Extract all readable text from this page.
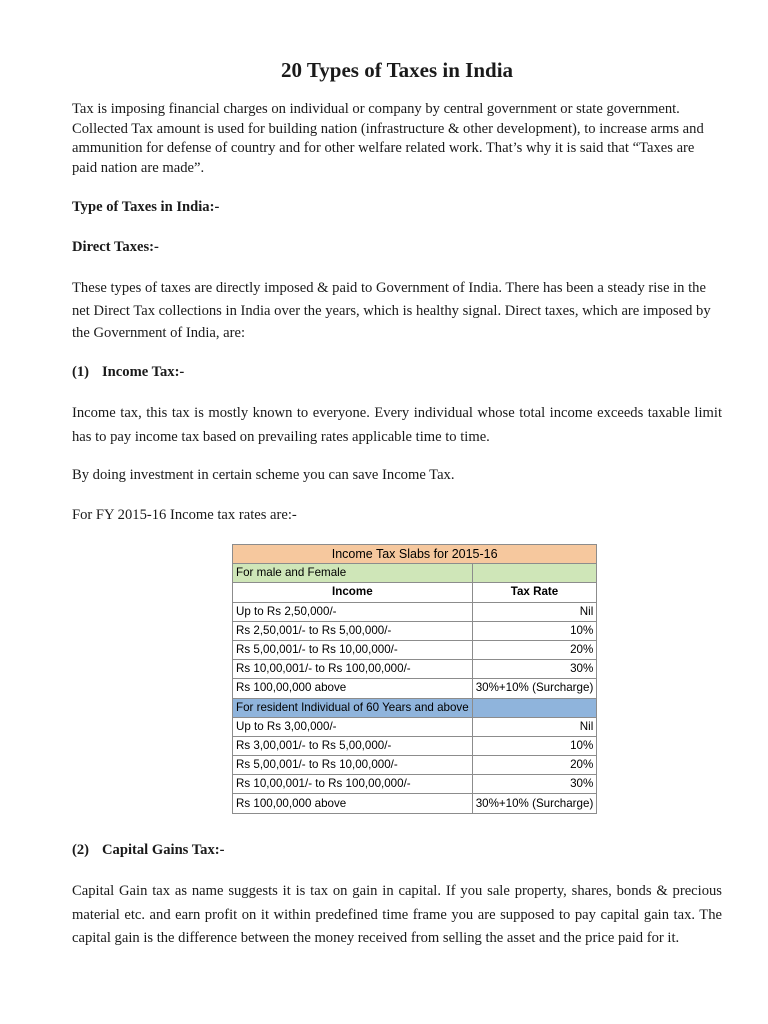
20 Types of Taxes in India

Tax is imposing financial charges on individual or company by central government or state government. Collected Tax amount is used for building nation (infrastructure & other development), to increase arms and ammunition for defense of country and for other welfare related work. That’s why it is said that “Taxes are paid nation are made”.

Type of Taxes in India:-

Direct Taxes:-

These types of taxes are directly imposed & paid to Government of India. There has been a steady rise in the net Direct Tax collections in India over the years, which is healthy signal. Direct taxes, which are imposed by the Government of India, are:

(1) Income Tax:-

Income tax, this tax is mostly known to everyone. Every individual whose total income exceeds taxable limit has to pay income tax based on prevailing rates applicable time to time.

By doing investment in certain scheme you can save Income Tax.

For FY 2015-16 Income tax rates are:-

(2) Capital Gains Tax:-

Capital Gain tax as name suggests it is tax on gain in capital. If you sale property, shares, bonds & precious material etc. and earn profit on it within predefined time frame you are supposed to pay capital gain tax. The capital gain is the difference between the money received from selling the asset and the price paid for it.

Income Tax Slabs for 2015-16	
For male and Female	
Income	Tax Rate
Up to Rs 2,50,000/-	Nil
Rs 2,50,001/- to Rs 5,00,000/-	10%
Rs 5,00,001/- to Rs 10,00,000/-	20%
Rs 10,00,001/- to Rs 100,00,000/-	30%
Rs 100,00,000 above	30%+10% (Surcharge)
For resident Individual of 60 Years and above	
Up to Rs 3,00,000/-	Nil
Rs 3,00,001/- to Rs 5,00,000/-	10%
Rs 5,00,001/- to Rs 10,00,000/-	20%
Rs 10,00,001/- to Rs 100,00,000/-	30%
Rs 100,00,000 above	30%+10% (Surcharge)
